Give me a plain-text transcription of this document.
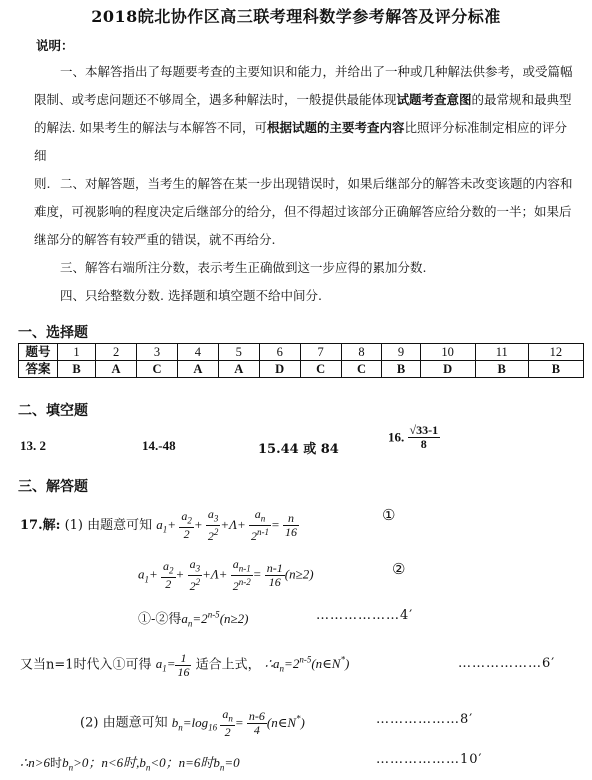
2018皖北协作区高三联考理科数学参考解答及评分标准
说明：
一、本解答指出了每题要考查的主要知识和能力，并给出了一种或几种解法供参考，或受篇幅
限制、或考虑问题还不够周全，遇多种解法时，一般提供最能体现试题考查意图的最常规和最典型
的解法. 如果考生的解法与本解答不同，可根据试题的主要考查内容比照评分标准制定相应的评分细
则. 二、对解答题，当考生的解答在某一步出现错误时，如果后继部分的解答未改变该题的内容和
难度，可视影响的程度决定后继部分的给分，但不得超过该部分正确解答应给分数的一半；如果后
继部分的解答有较严重的错误，就不再给分.
三、解答右端所注分数，表示考生正确做到这一步应得的累加分数.
四、只给整数分数. 选择题和填空题不给中间分.
一、选择题
题号	1	2	3	4	5	6	7	8	9	10	11	12
答案	B	A	C	A	A	D	C	C	B	D	B	B
二、填空题
13. 2	14.-48	15.44 或 84
16. $\frac{√33-1}{8}$
三、解答题
17.解: (1) 由题意可知 $a_1+ \frac{a_2}{2} + \frac{a_3}{2^2} +\Lambda+ \frac{a_n}{2^{n-1}} = \frac{n}{16}$	①
$a_1+ \frac{a_2}{2} + \frac{a_3}{2^2} +\Lambda+ \frac{a_{n-1}}{2^{n-2}} = \frac{n-1}{16} (n\ge 2)$	②
①-②得$a_n=2^{n-5}(n\ge 2)$	………………4′
又当n=1时代入①可得 $a_1= \frac{1}{16}$ 适合上式， $\therefore a_n=2^{n-5}(n\in N^*)$	………………6′
(2) 由题意可知 $b_n=\log_{16} \frac{a_n}{2} = \frac{n-6}{4}$ (n∈N*)	………………8′
∴n>6时$b_n>0$；n<6时$,b_n<0$；n=6时$b_n=0$	………………10′
